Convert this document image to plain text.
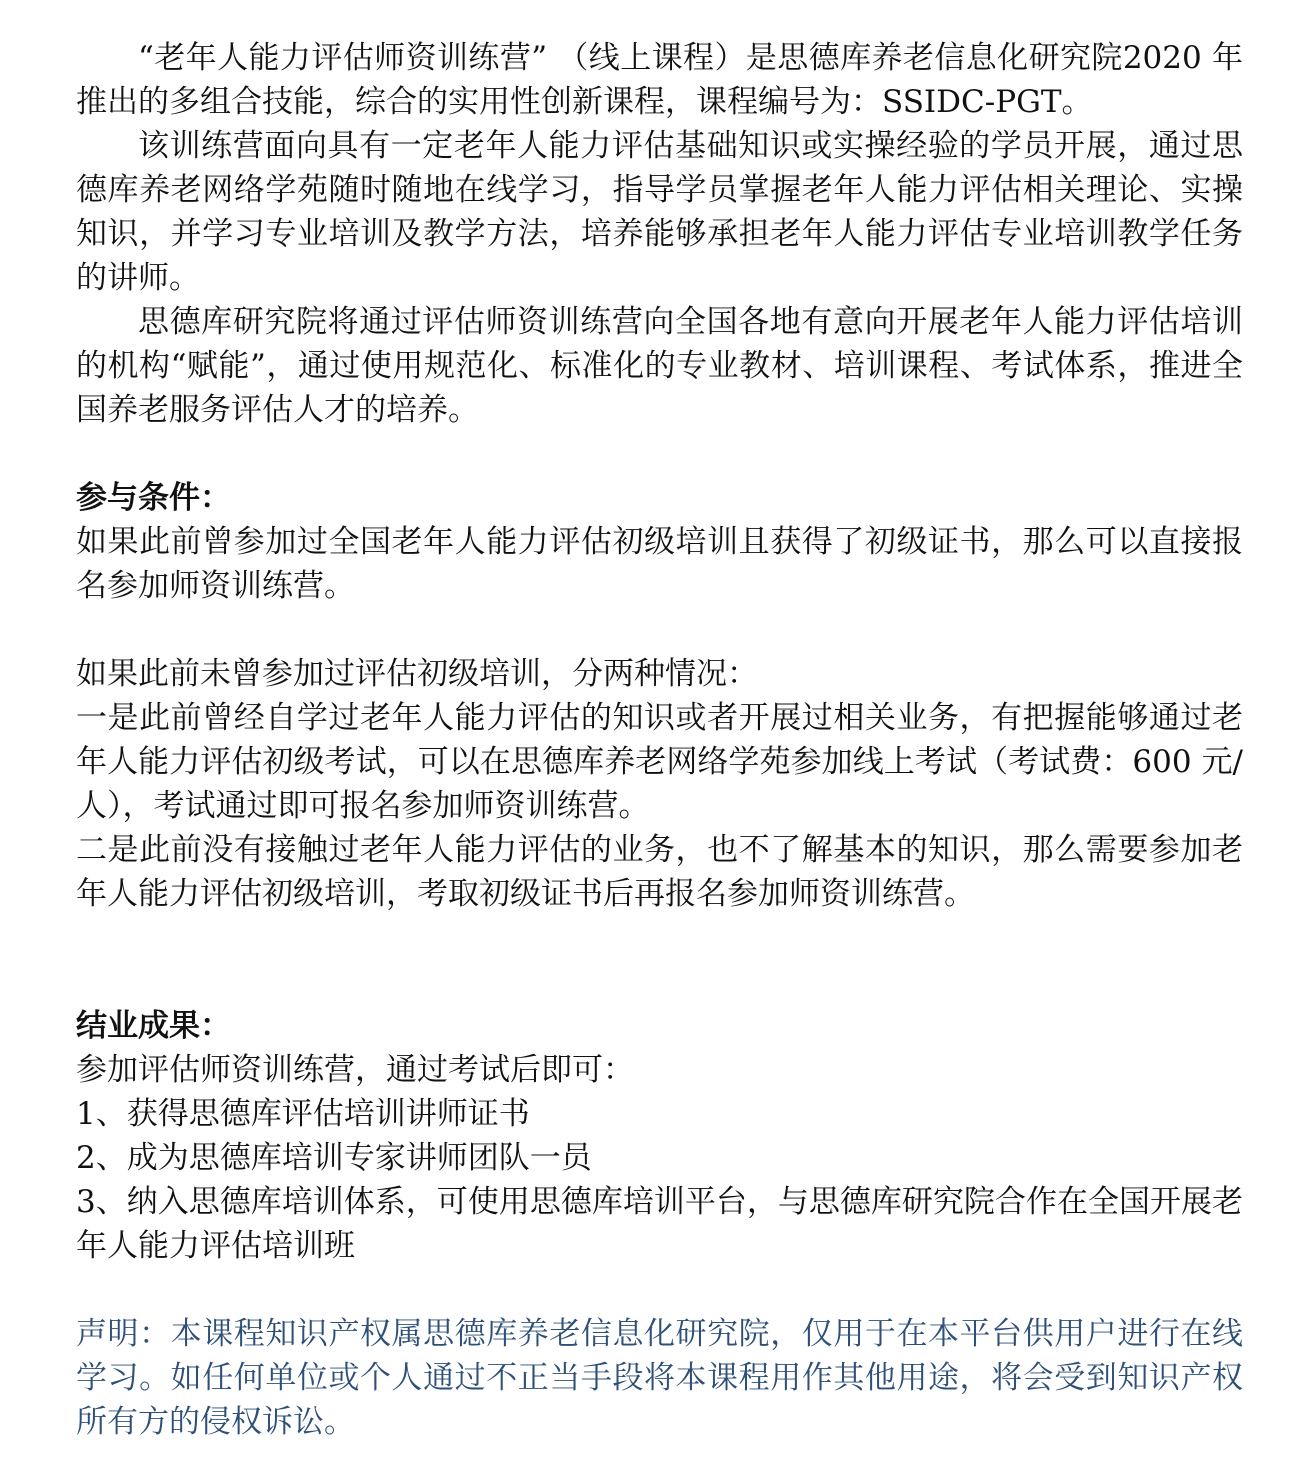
“老年人能力评估师资训练营” （线上课程）是思德库养老信息化研究院2020 年推出的多组合技能，综合的实用性创新课程，课程编号为：SSIDC-PGT。

该训练营面向具有一定老年人能力评估基础知识或实操经验的学员开展，通过思德库养老网络学苑随时随地在线学习，指导学员掌握老年人能力评估相关理论、实操知识，并学习专业培训及教学方法，培养能够承担老年人能力评估专业培训教学任务的讲师。

思德库研究院将通过评估师资训练营向全国各地有意向开展老年人能力评估培训的机构“赋能”，通过使用规范化、标准化的专业教材、培训课程、考试体系，推进全国养老服务评估人才的培养。

参与条件：

如果此前曾参加过全国老年人能力评估初级培训且获得了初级证书，那么可以直接报名参加师资训练营。

如果此前未曾参加过评估初级培训，分两种情况：

一是此前曾经自学过老年人能力评估的知识或者开展过相关业务，有把握能够通过老年人能力评估初级考试，可以在思德库养老网络学苑参加线上考试（考试费：600 元/人），考试通过即可报名参加师资训练营。

二是此前没有接触过老年人能力评估的业务，也不了解基本的知识，那么需要参加老年人能力评估初级培训，考取初级证书后再报名参加师资训练营。

结业成果：

参加评估师资训练营，通过考试后即可：

1、获得思德库评估培训讲师证书

2、成为思德库培训专家讲师团队一员

3、纳入思德库培训体系，可使用思德库培训平台，与思德库研究院合作在全国开展老年人能力评估培训班

声明：本课程知识产权属思德库养老信息化研究院，仅用于在本平台供用户进行在线学习。如任何单位或个人通过不正当手段将本课程用作其他用途，将会受到知识产权所有方的侵权诉讼。
